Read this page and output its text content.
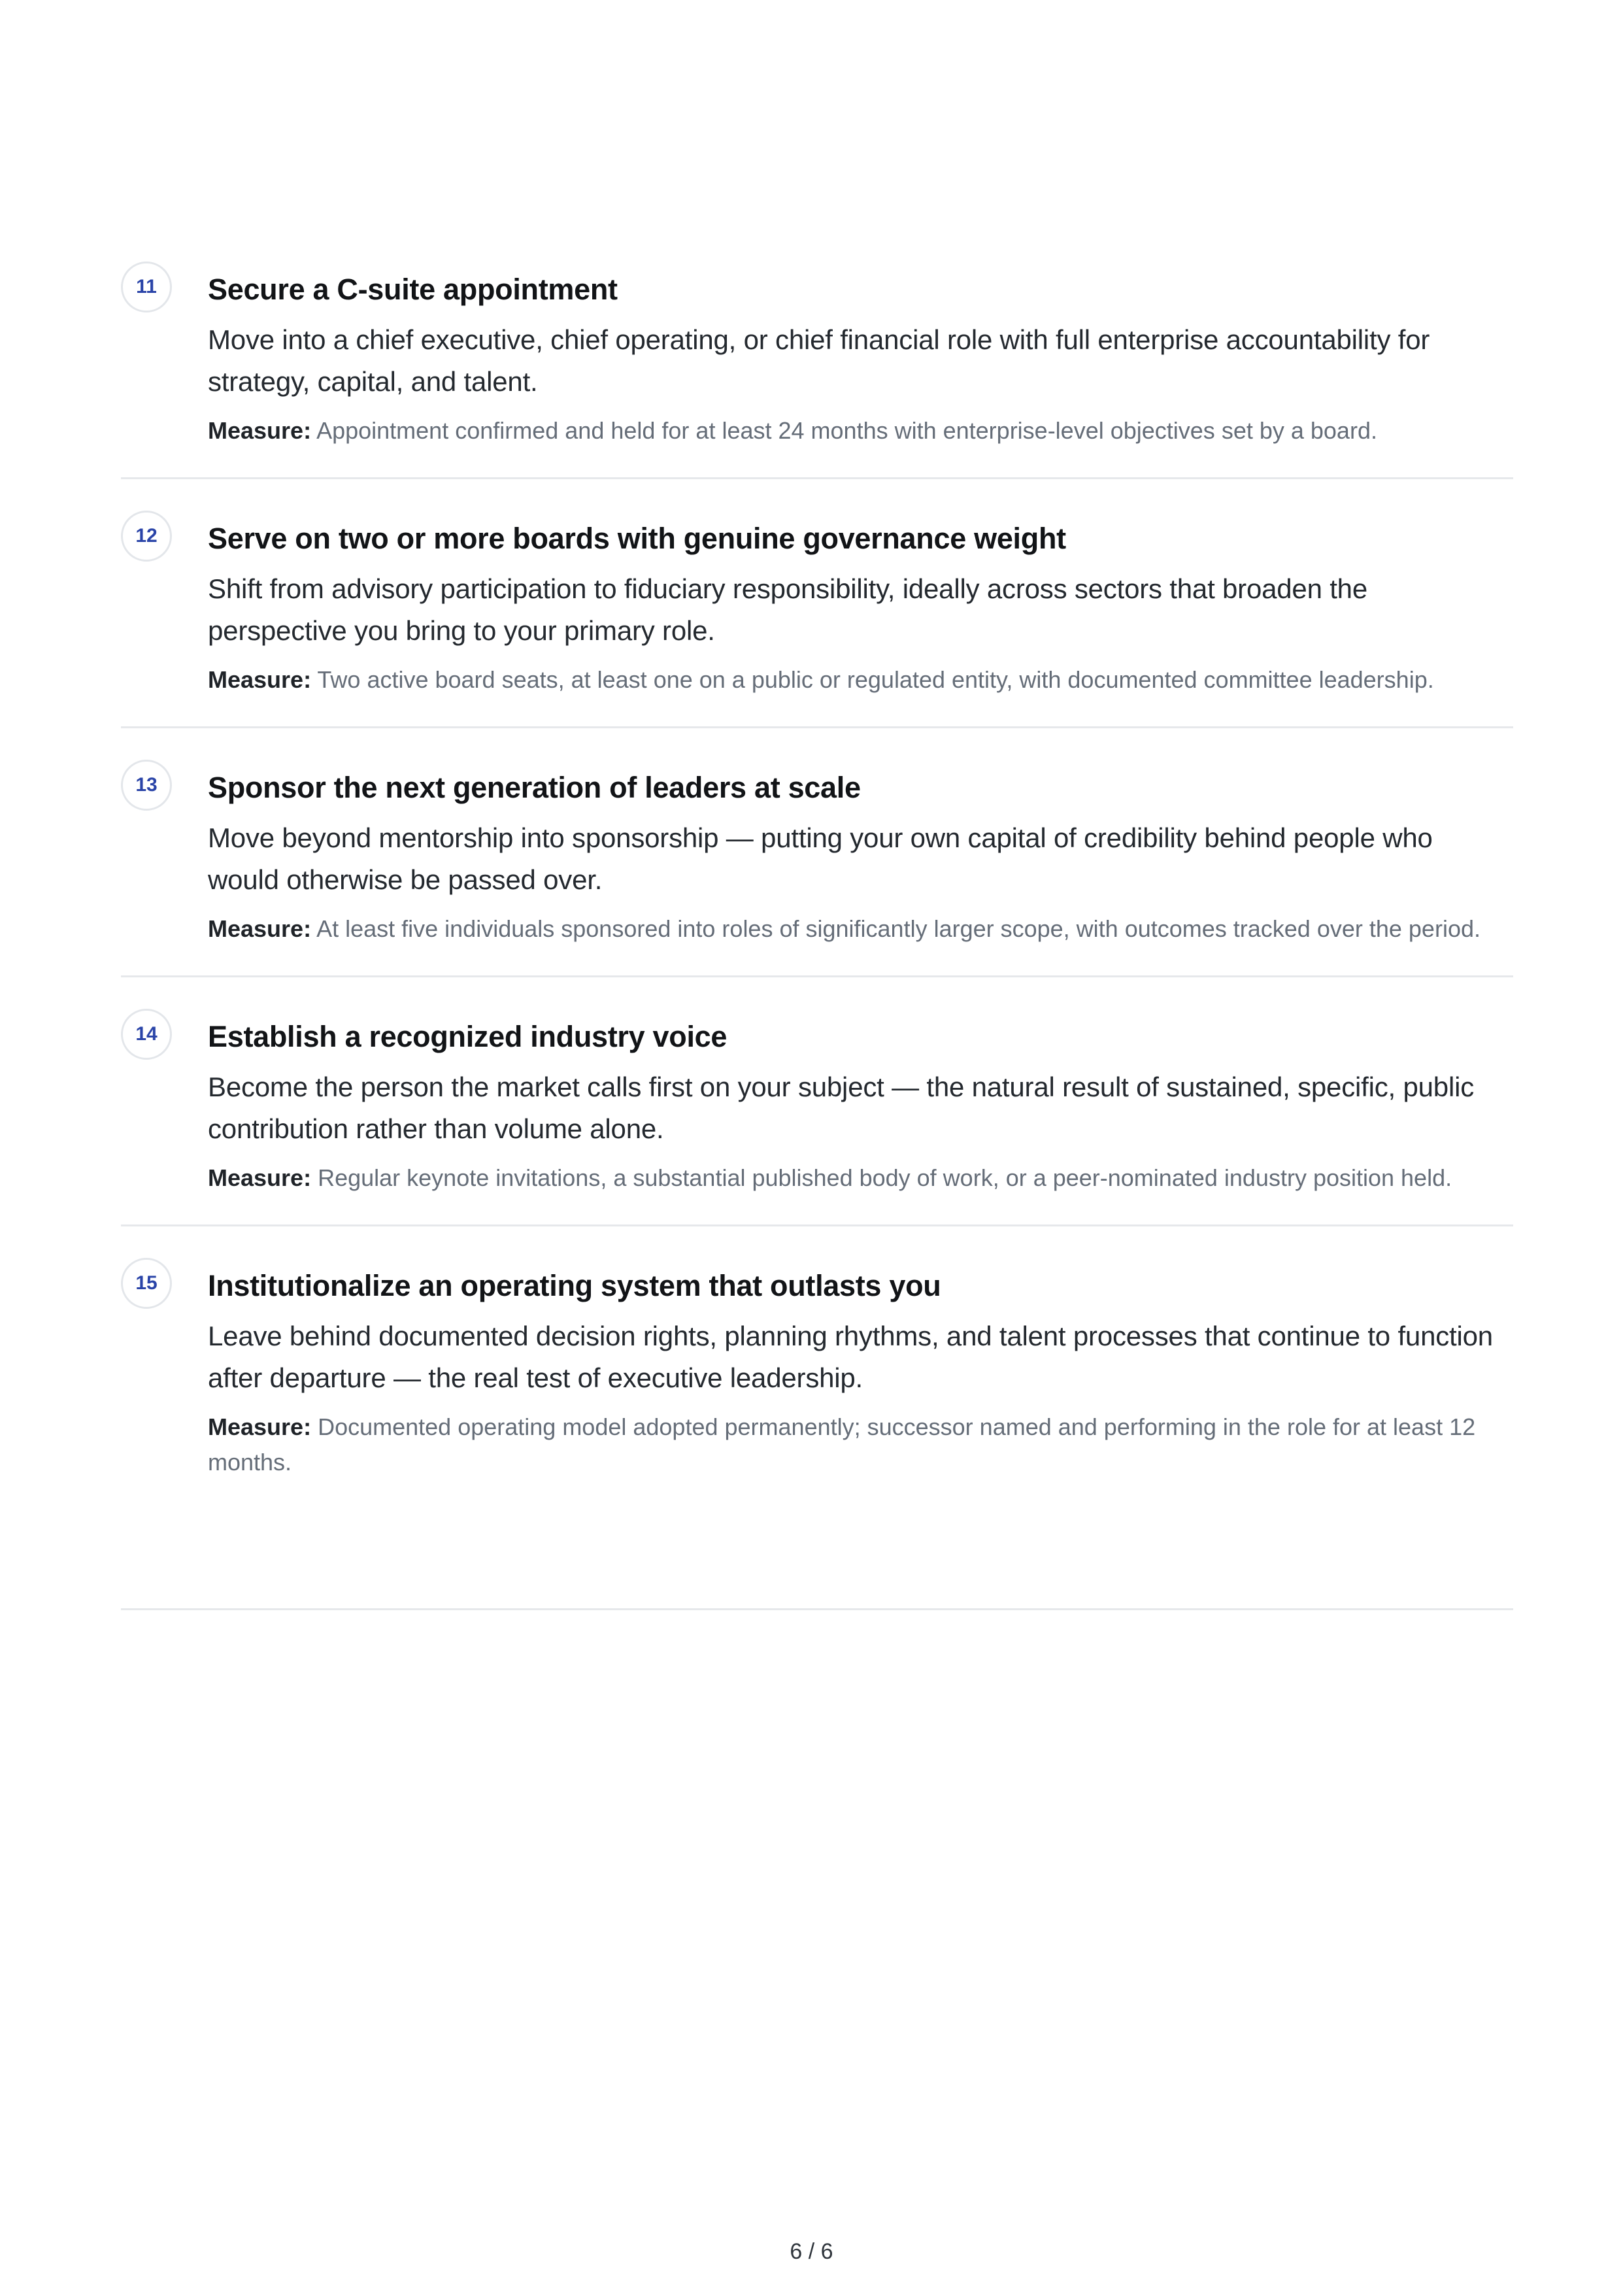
11	Secure a C-suite appointment
Move into a chief executive, chief operating, or chief financial role with full enterprise accountability for strategy, capital, and talent.
Measure: Appointment confirmed and held for at least 24 months with enterprise-level objectives set by a board.
12	Serve on two or more boards with genuine governance weight
Shift from advisory participation to fiduciary responsibility, ideally across sectors that broaden the perspective you bring to your primary role.
Measure: Two active board seats, at least one on a public or regulated entity, with documented committee leadership.
13	Sponsor the next generation of leaders at scale
Move beyond mentorship into sponsorship — putting your own capital of credibility behind people who would otherwise be passed over.
Measure: At least five individuals sponsored into roles of significantly larger scope, with outcomes tracked over the period.
14	Establish a recognized industry voice
Become the person the market calls first on your subject — the natural result of sustained, specific, public contribution rather than volume alone.
Measure: Regular keynote invitations, a substantial published body of work, or a peer-nominated industry position held.
15	Institutionalize an operating system that outlasts you
Leave behind documented decision rights, planning rhythms, and talent processes that continue to function after departure — the real test of executive leadership.
Measure: Documented operating model adopted permanently; successor named and performing in the role for at least 12 months.
6 / 6
